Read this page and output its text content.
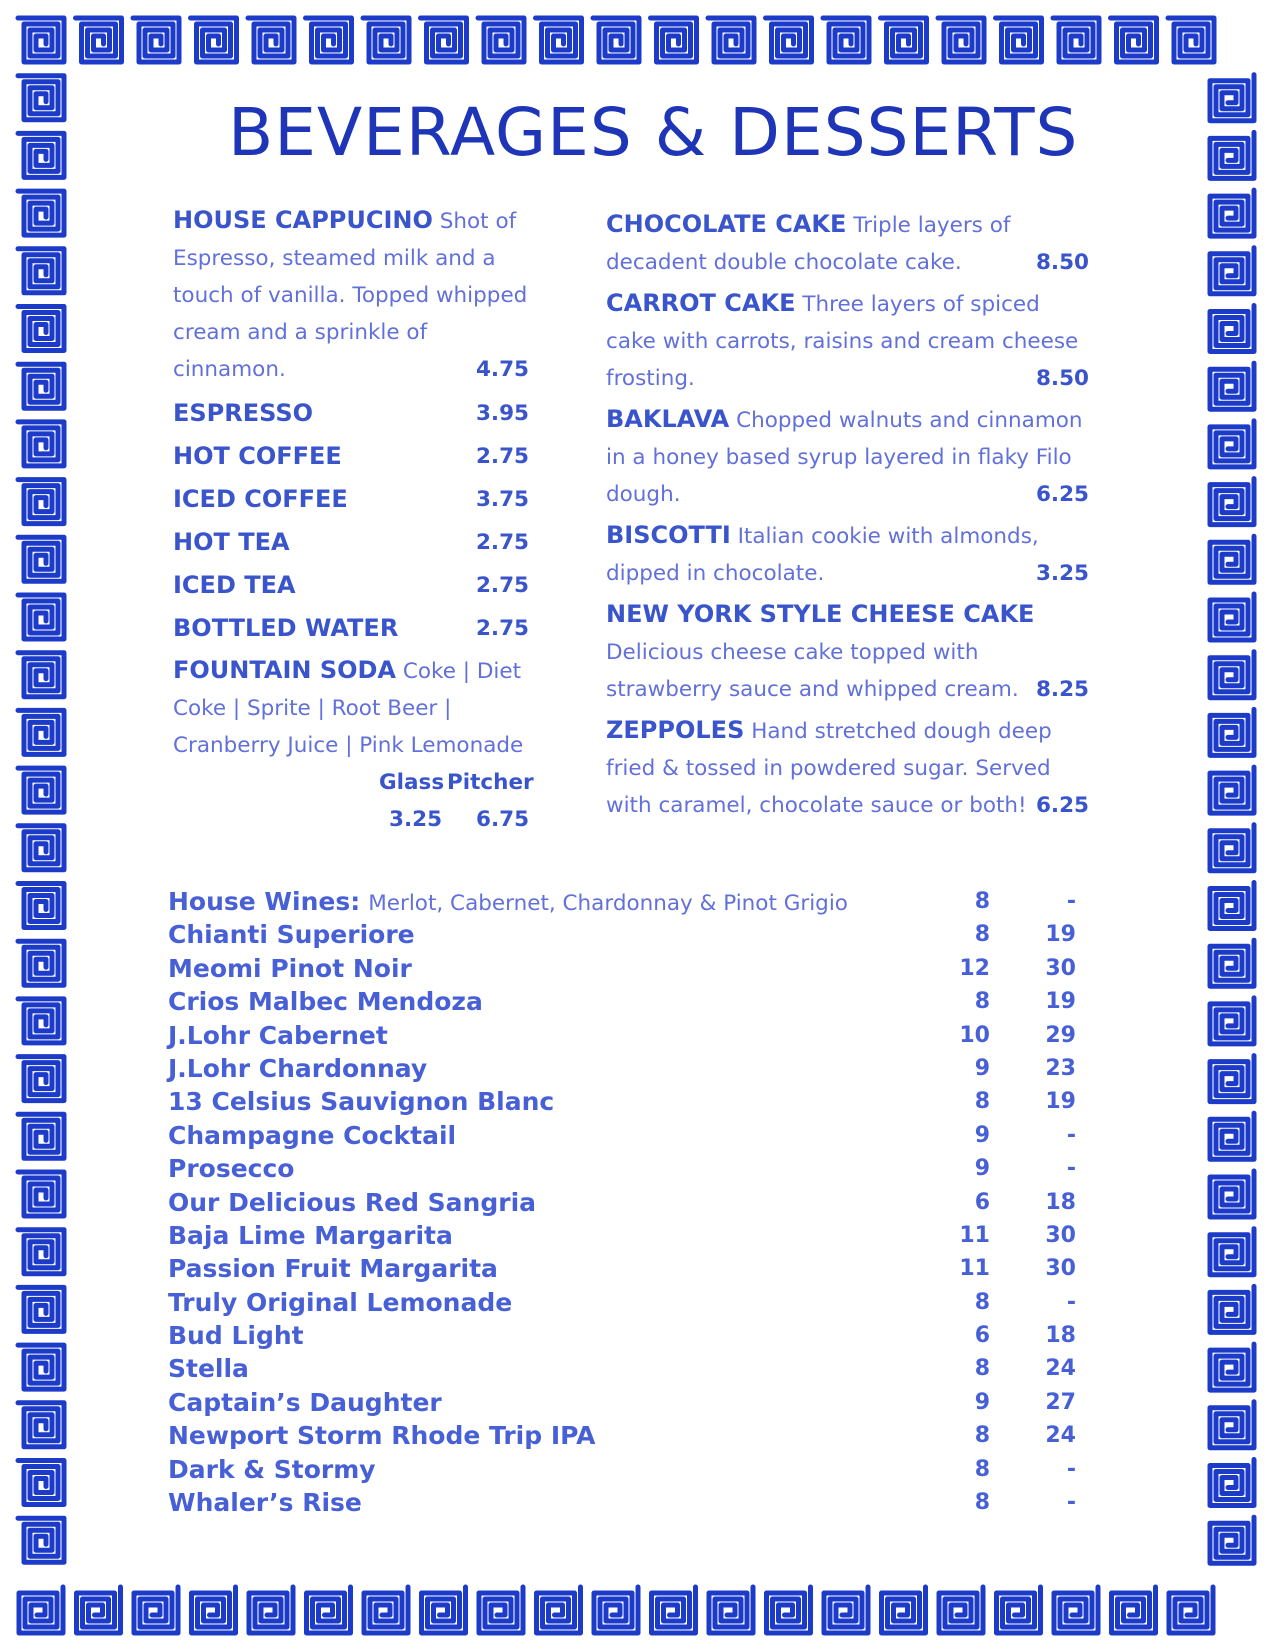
BEVERAGES & DESSERTS
HOUSE CAPPUCINO Shot of Espresso, steamed milk and a touch of vanilla. Topped whipped cream and a sprinkle of cinnamon.	4.75
ESPRESSO	3.95
HOT COFFEE	2.75
ICED COFFEE	3.75
HOT TEA	2.75
ICED TEA	2.75
BOTTLED WATER	2.75
FOUNTAIN SODA Coke | Diet Coke | Sprite | Root Beer | Cranberry Juice | Pink Lemonade
Glass Pitcher
3.25 6.75
CHOCOLATE CAKE Triple layers of decadent double chocolate cake.	8.50
CARROT CAKE Three layers of spiced cake with carrots, raisins and cream cheese frosting.	8.50
BAKLAVA Chopped walnuts and cinnamon in a honey based syrup layered in flaky Filo dough.	6.25
BISCOTTI Italian cookie with almonds, dipped in chocolate.	3.25
NEW YORK STYLE CHEESE CAKE Delicious cheese cake topped with strawberry sauce and whipped cream. 8.25
ZEPPOLES Hand stretched dough deep fried & tossed in powdered sugar. Served with caramel, chocolate sauce or both! 6.25
House Wines: Merlot, Cabernet, Chardonnay & Pinot Grigio	8	-
Chianti Superiore	8	19
Meomi Pinot Noir	12	30
Crios Malbec Mendoza	8	19
J.Lohr Cabernet	10	29
J.Lohr Chardonnay	9	23
13 Celsius Sauvignon Blanc	8	19
Champagne Cocktail	9	-
Prosecco	9	-
Our Delicious Red Sangria	6	18
Baja Lime Margarita	11	30
Passion Fruit Margarita	11	30
Truly Original Lemonade	8	-
Bud Light	6	18
Stella	8	24
Captain’s Daughter	9	27
Newport Storm Rhode Trip IPA	8	24
Dark & Stormy	8	-
Whaler’s Rise	8	-
